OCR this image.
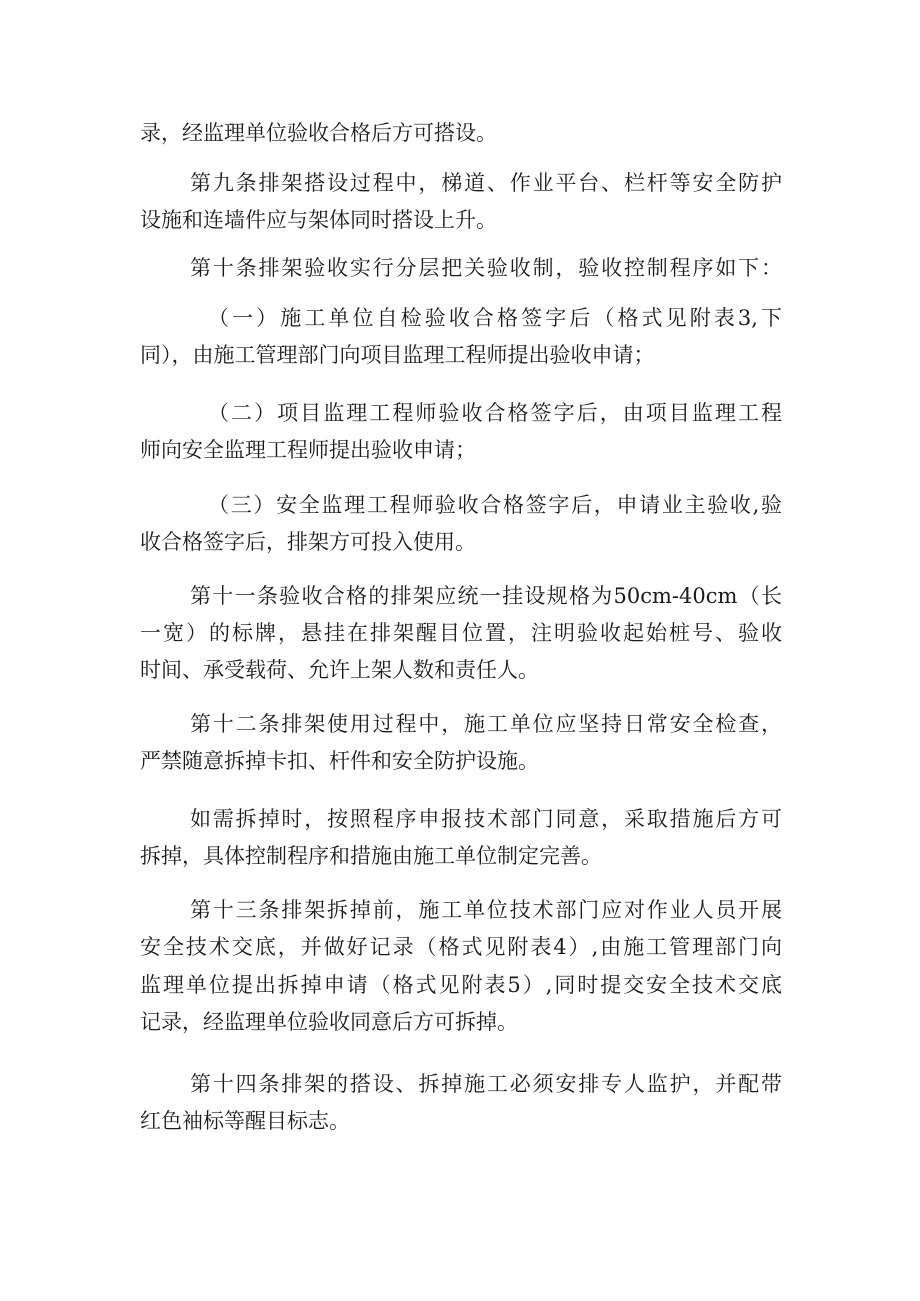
录，经监理单位验收合格后方可搭设。
第九条排架搭设过程中，梯道、作业平台、栏杆等安全防护
设施和连墙件应与架体同时搭设上升。
第十条排架验收实行分层把关验收制，验收控制程序如下：
（一）施工单位自检验收合格签字后（格式见附表3,下
同），由施工管理部门向项目监理工程师提出验收申请；
（二）项目监理工程师验收合格签字后，由项目监理工程
师向安全监理工程师提出验收申请；
（三）安全监理工程师验收合格签字后，申请业主验收,验
收合格签字后，排架方可投入使用。
第十一条验收合格的排架应统一挂设规格为50cm-40cm（长
一宽）的标牌，悬挂在排架醒目位置，注明验收起始桩号、验收
时间、承受载荷、允许上架人数和责任人。
第十二条排架使用过程中，施工单位应坚持日常安全检查，
严禁随意拆掉卡扣、杆件和安全防护设施。
如需拆掉时，按照程序申报技术部门同意，采取措施后方可
拆掉，具体控制程序和措施由施工单位制定完善。
第十三条排架拆掉前，施工单位技术部门应对作业人员开展
安全技术交底，并做好记录（格式见附表4）,由施工管理部门向
监理单位提出拆掉申请（格式见附表5）,同时提交安全技术交底
记录，经监理单位验收同意后方可拆掉。
第十四条排架的搭设、拆掉施工必须安排专人监护，并配带
红色袖标等醒目标志。
